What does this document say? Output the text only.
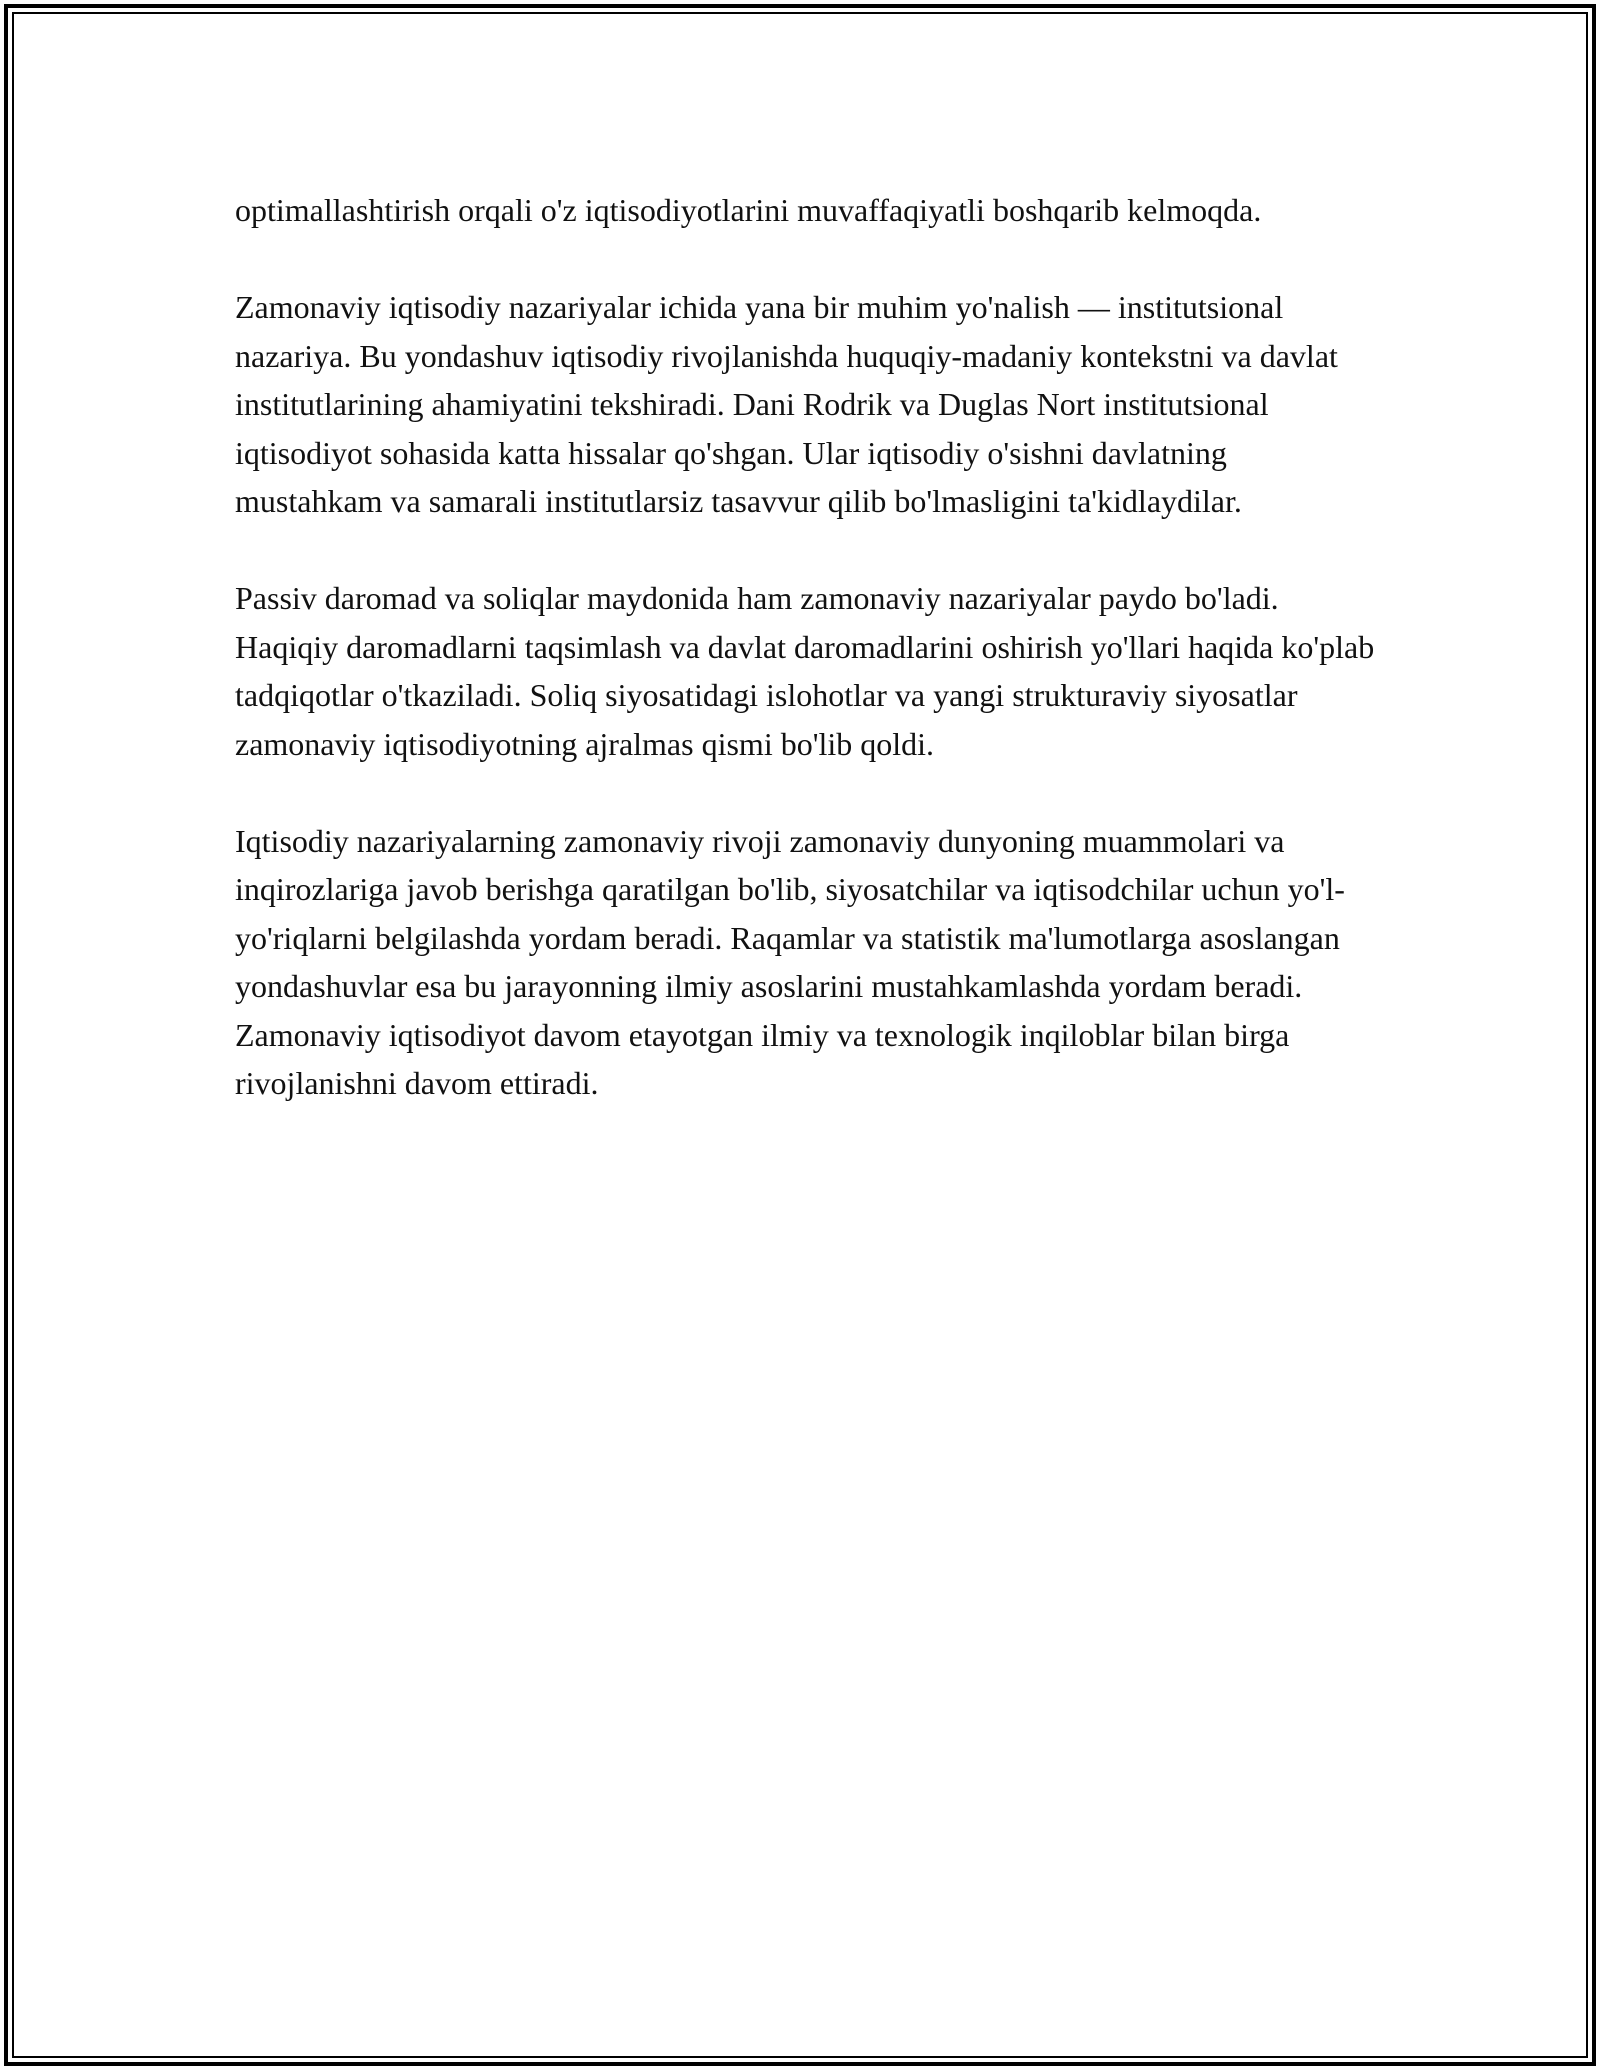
optimallashtirish orqali o'z iqtisodiyotlarini muvaffaqiyatli boshqarib kelmoqda.

Zamonaviy iqtisodiy nazariyalar ichida yana bir muhim yo'nalish — institutsional nazariya. Bu yondashuv iqtisodiy rivojlanishda huquqiy-madaniy kontekstni va davlat institutlarining ahamiyatini tekshiradi. Dani Rodrik va Duglas Nort institutsional iqtisodiyot sohasida katta hissalar qo'shgan. Ular iqtisodiy o'sishni davlatning mustahkam va samarali institutlarsiz tasavvur qilib bo'lmasligini ta'kidlaydilar.

Passiv daromad va soliqlar maydonida ham zamonaviy nazariyalar paydo bo'ladi. Haqiqiy daromadlarni taqsimlash va davlat daromadlarini oshirish yo'llari haqida ko'plab tadqiqotlar o'tkaziladi. Soliq siyosatidagi islohotlar va yangi strukturaviy siyosatlar zamonaviy iqtisodiyotning ajralmas qismi bo'lib qoldi.

Iqtisodiy nazariyalarning zamonaviy rivoji zamonaviy dunyoning muammolari va inqirozlariga javob berishga qaratilgan bo'lib, siyosatchilar va iqtisodchilar uchun yo'l-yo'riqlarni belgilashda yordam beradi. Raqamlar va statistik ma'lumotlarga asoslangan yondashuvlar esa bu jarayonning ilmiy asoslarini mustahkamlashda yordam beradi. Zamonaviy iqtisodiyot davom etayotgan ilmiy va texnologik inqiloblar bilan birga rivojlanishni davom ettiradi.
